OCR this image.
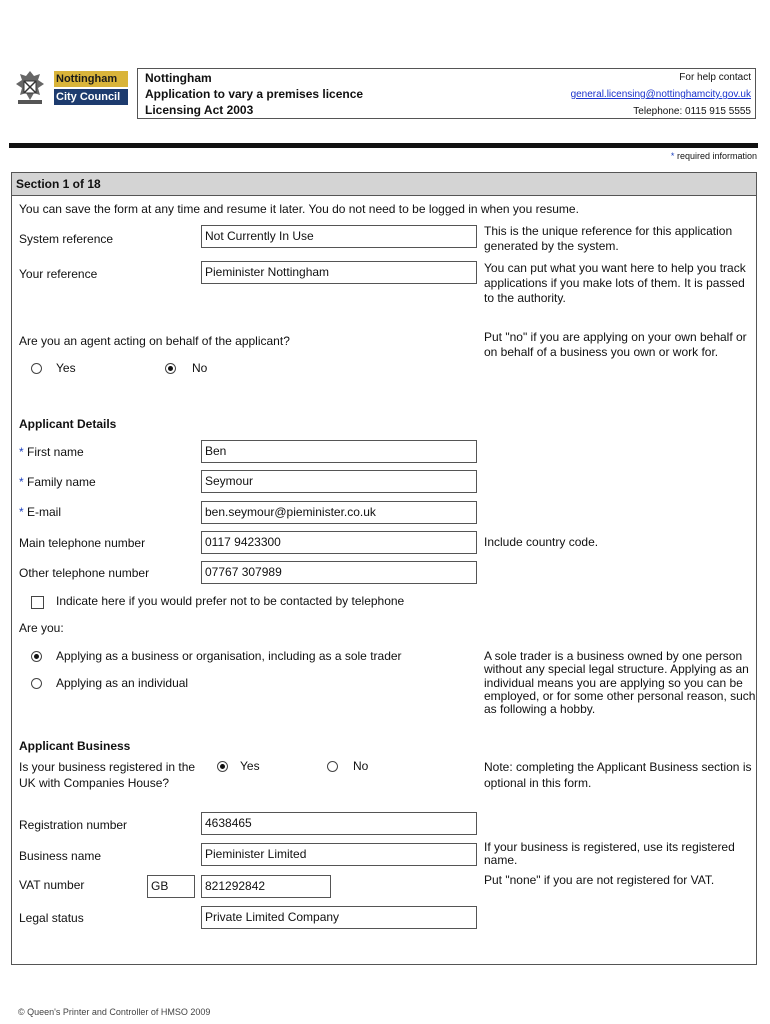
Nottingham
City Council
Nottingham
Application to vary a premises licence
Licensing Act 2003
For help contact
general.licensing@nottinghamcity.gov.uk
Telephone: 0115 915 5555
* required information
Section 1 of 18
You can save the form at any time and resume it later. You do not need to be logged in when you resume.
System reference	Not Currently In Use	This is the unique reference for this application generated by the system.
Your reference	Pieminister Nottingham	You can put what you want here to help you track applications if you make lots of them. It is passed to the authority.
Are you an agent acting on behalf of the applicant?
Yes	No
Put "no" if you are applying on your own behalf or on behalf of a business you own or work for.
Applicant Details
* First name	Ben
* Family name	Seymour
* E-mail	ben.seymour@pieminister.co.uk
Main telephone number	0117 9423300	Include country code.
Other telephone number	07767 307989
Indicate here if you would prefer not to be contacted by telephone
Are you:
Applying as a business or organisation, including as a sole trader
Applying as an individual
A sole trader is a business owned by one person without any special legal structure. Applying as an individual means you are applying so you can be employed, or for some other personal reason, such as following a hobby.
Applicant Business
Is your business registered in the UK with Companies House?
Yes	No	Note: completing the Applicant Business section is optional in this form.
Registration number	4638465
Business name	Pieminister Limited	If your business is registered, use its registered name.
VAT number	GB	821292842	Put "none" if you are not registered for VAT.
Legal status	Private Limited Company
© Queen's Printer and Controller of HMSO 2009
